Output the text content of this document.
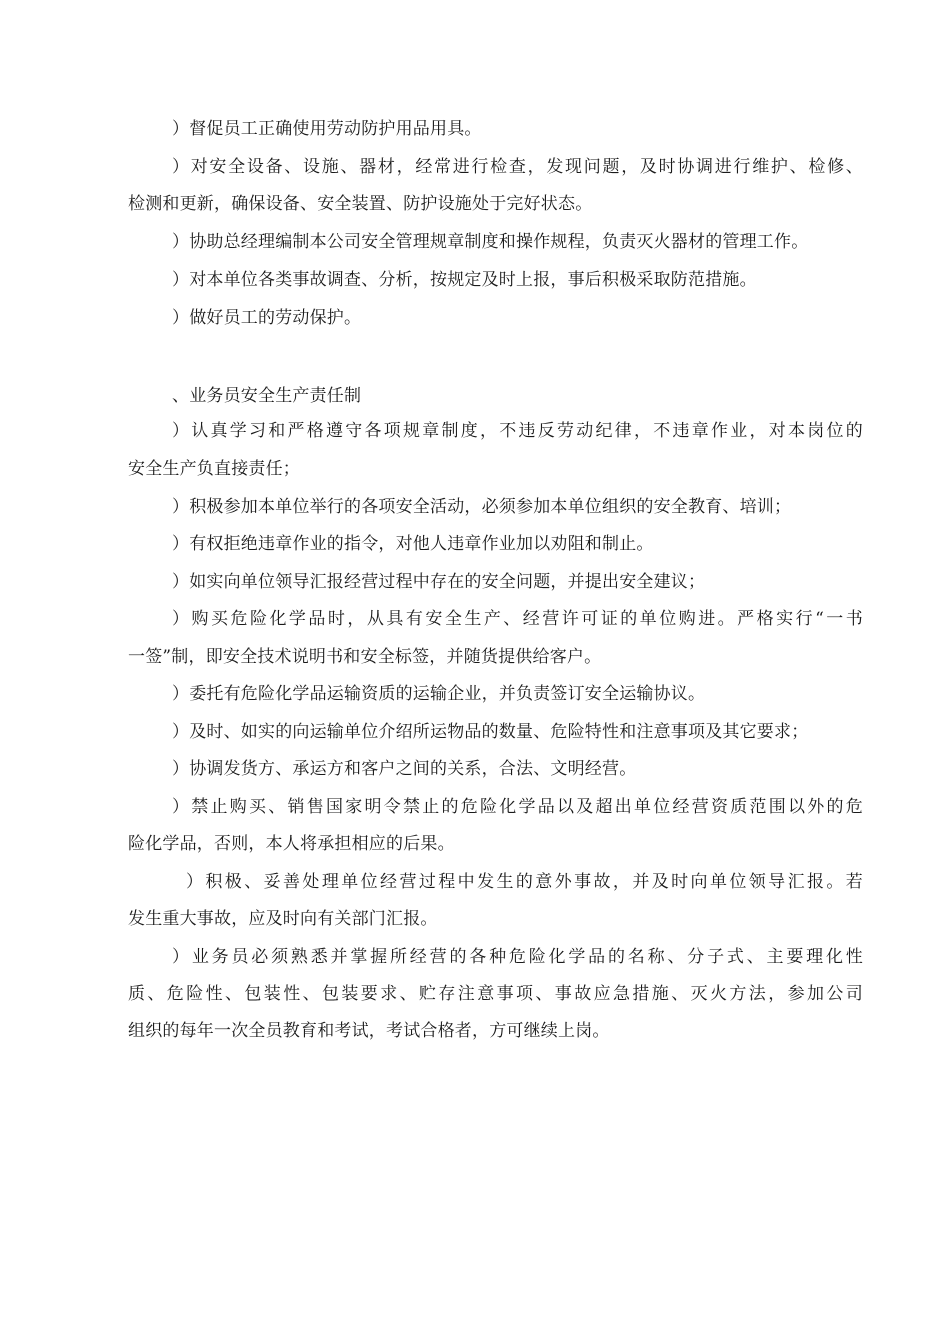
）督促员工正确使用劳动防护用品用具。
）对安全设备、设施、器材，经常进行检查，发现问题，及时协调进行维护、检修、
检测和更新，确保设备、安全装置、防护设施处于完好状态。
）协助总经理编制本公司安全管理规章制度和操作规程，负责灭火器材的管理工作。
）对本单位各类事故调查、分析，按规定及时上报，事后积极采取防范措施。
）做好员工的劳动保护。
、业务员安全生产责任制
）认真学习和严格遵守各项规章制度，不违反劳动纪律，不违章作业，对本岗位的
安全生产负直接责任；
）积极参加本单位举行的各项安全活动，必须参加本单位组织的安全教育、培训；
）有权拒绝违章作业的指令，对他人违章作业加以劝阻和制止。
）如实向单位领导汇报经营过程中存在的安全问题，并提出安全建议；
）购买危险化学品时，从具有安全生产、经营许可证的单位购进。严格实行“一书
一签”制，即安全技术说明书和安全标签，并随货提供给客户。
）委托有危险化学品运输资质的运输企业，并负责签订安全运输协议。
）及时、如实的向运输单位介绍所运物品的数量、危险特性和注意事项及其它要求；
）协调发货方、承运方和客户之间的关系，合法、文明经营。
）禁止购买、销售国家明令禁止的危险化学品以及超出单位经营资质范围以外的危
险化学品，否则，本人将承担相应的后果。
）积极、妥善处理单位经营过程中发生的意外事故，并及时向单位领导汇报。若
发生重大事故，应及时向有关部门汇报。
）业务员必须熟悉并掌握所经营的各种危险化学品的名称、分子式、主要理化性
质、危险性、包装性、包装要求、贮存注意事项、事故应急措施、灭火方法，参加公司
组织的每年一次全员教育和考试，考试合格者，方可继续上岗。
